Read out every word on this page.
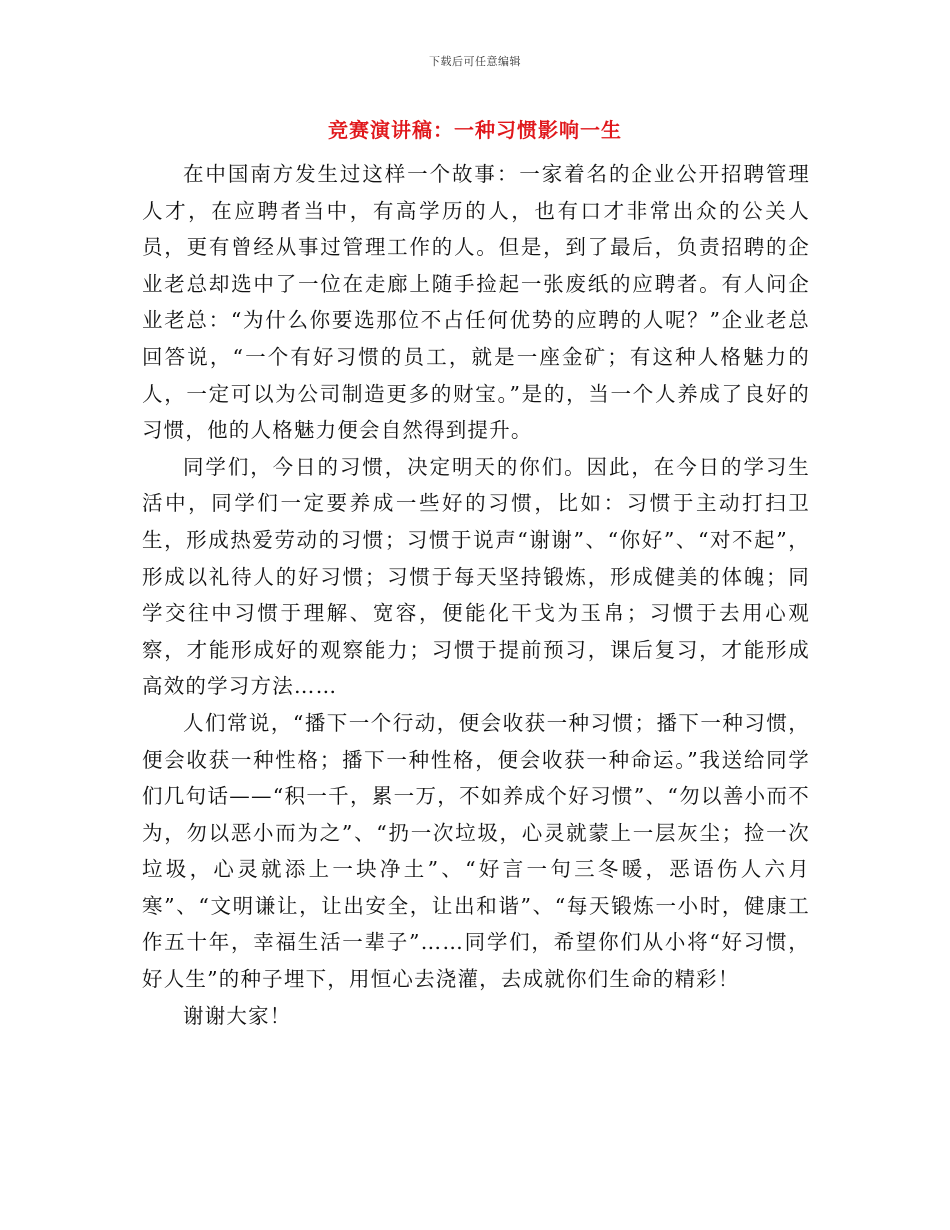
下载后可任意编辑
竞赛演讲稿：一种习惯影响一生

在中国南方发生过这样一个故事：一家着名的企业公开招聘管理人才，在应聘者当中，有高学历的人，也有口才非常出众的公关人员，更有曾经从事过管理工作的人。但是，到了最后，负责招聘的企业老总却选中了一位在走廊上随手捡起一张废纸的应聘者。有人问企业老总：“为什么你要选那位不占任何优势的应聘的人呢？”企业老总回答说，“一个有好习惯的员工，就是一座金矿；有这种人格魅力的人，一定可以为公司制造更多的财宝。”是的，当一个人养成了良好的习惯，他的人格魅力便会自然得到提升。

同学们，今日的习惯，决定明天的你们。因此，在今日的学习生活中，同学们一定要养成一些好的习惯，比如：习惯于主动打扫卫生，形成热爱劳动的习惯；习惯于说声“谢谢”、“你好”、“对不起”，形成以礼待人的好习惯；习惯于每天坚持锻炼，形成健美的体魄；同学交往中习惯于理解、宽容，便能化干戈为玉帛；习惯于去用心观察，才能形成好的观察能力；习惯于提前预习，课后复习，才能形成高效的学习方法……

人们常说，“播下一个行动，便会收获一种习惯；播下一种习惯，便会收获一种性格；播下一种性格，便会收获一种命运。”我送给同学们几句话——“积一千，累一万，不如养成个好习惯”、“勿以善小而不为，勿以恶小而为之”、“扔一次垃圾，心灵就蒙上一层灰尘；捡一次垃圾，心灵就添上一块净土”、“好言一句三冬暖，恶语伤人六月寒”、“文明谦让，让出安全，让出和谐”、“每天锻炼一小时，健康工作五十年，幸福生活一辈子”……同学们，希望你们从小将“好习惯，好人生”的种子埋下，用恒心去浇灌，去成就你们生命的精彩！

谢谢大家！
